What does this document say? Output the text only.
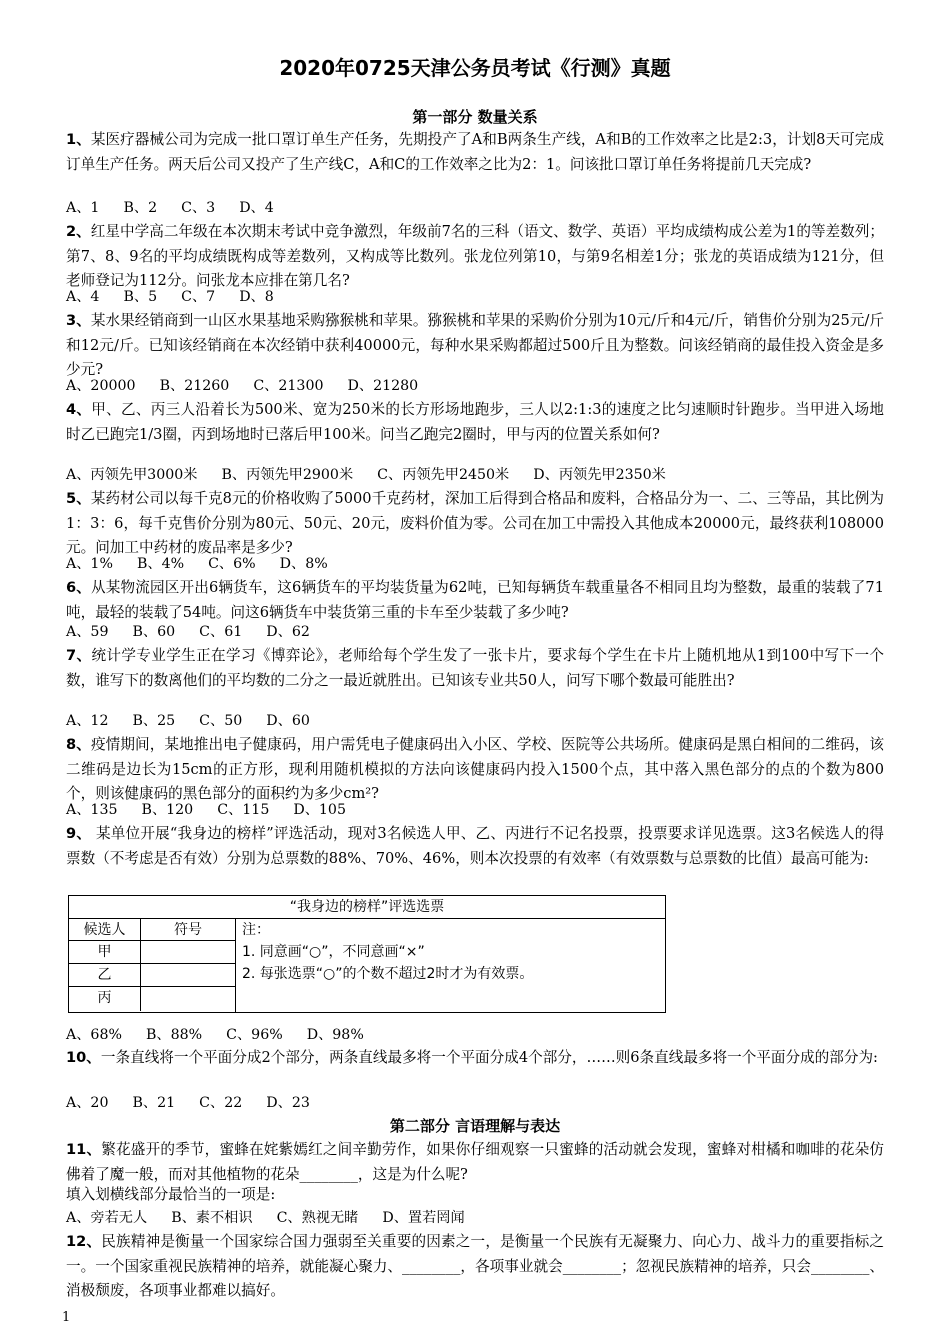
2020年0725天津公务员考试《行测》真题
第一部分 数量关系
1、某医疗器械公司为完成一批口罩订单生产任务，先期投产了A和B两条生产线，A和B的工作效率之比是2:3，计划8天可完成订单生产任务。两天后公司又投产了生产线C，A和C的工作效率之比为2：1。问该批口罩订单任务将提前几天完成?
A、1 B、2 C、3 D、4
2、红星中学高二年级在本次期末考试中竞争激烈，年级前7名的三科（语文、数学、英语）平均成绩构成公差为1的等差数列；第7、8、9名的平均成绩既构成等差数列，又构成等比数列。张龙位列第10，与第9名相差1分；张龙的英语成绩为121分，但老师登记为112分。问张龙本应排在第几名?
A、4 B、5 C、7 D、8
3、某水果经销商到一山区水果基地采购猕猴桃和苹果。猕猴桃和苹果的采购价分别为10元/斤和4元/斤，销售价分别为25元/斤和12元/斤。已知该经销商在本次经销中获利40000元，每种水果采购都超过500斤且为整数。问该经销商的最佳投入资金是多少元?
A、20000 B、21260 C、21300 D、21280
4、甲、乙、丙三人沿着长为500米、宽为250米的长方形场地跑步，三人以2:1:3的速度之比匀速顺时针跑步。当甲进入场地时乙已跑完1/3圈，丙到场地时已落后甲100米。问当乙跑完2圈时，甲与丙的位置关系如何?
A、丙领先甲3000米 B、丙领先甲2900米 C、丙领先甲2450米 D、丙领先甲2350米
5、某药材公司以每千克8元的价格收购了5000千克药材，深加工后得到合格品和废料，合格品分为一、二、三等品，其比例为1：3：6，每千克售价分别为80元、50元、20元，废料价值为零。公司在加工中需投入其他成本20000元，最终获利108000元。问加工中药材的废品率是多少?
A、1% B、4% C、6% D、8%
6、从某物流园区开出6辆货车，这6辆货车的平均装货量为62吨，已知每辆货车载重量各不相同且均为整数，最重的装载了71吨，最轻的装载了54吨。问这6辆货车中装货第三重的卡车至少装载了多少吨?
A、59 B、60 C、61 D、62
7、统计学专业学生正在学习《博弈论》，老师给每个学生发了一张卡片，要求每个学生在卡片上随机地从1到100中写下一个数，谁写下的数离他们的平均数的二分之一最近就胜出。已知该专业共50人，问写下哪个数最可能胜出?
A、12 B、25 C、50 D、60
8、疫情期间，某地推出电子健康码，用户需凭电子健康码出入小区、学校、医院等公共场所。健康码是黑白相间的二维码，该二维码是边长为15cm的正方形，现利用随机模拟的方法向该健康码内投入1500个点，其中落入黑色部分的点的个数为800个，则该健康码的黑色部分的面积约为多少cm²?
A、135 B、120 C、115 D、105
9、 某单位开展“我身边的榜样”评选活动，现对3名候选人甲、乙、丙进行不记名投票，投票要求详见选票。这3名候选人的得票数（不考虑是否有效）分别为总票数的88%、70%、46%，则本次投票的有效率（有效票数与总票数的比值）最高可能为:
“我身边的榜样”评选选票
候选人	符号
甲
乙
丙
注：
1. 同意画“○”，不同意画“×”
2. 每张选票“○”的个数不超过2时才为有效票。
A、68% B、88% C、96% D、98%
10、一条直线将一个平面分成2个部分，两条直线最多将一个平面分成4个部分，……则6条直线最多将一个平面分成的部分为:
A、20 B、21 C、22 D、23
第二部分 言语理解与表达
11、繁花盛开的季节，蜜蜂在姹紫嫣红之间辛勤劳作，如果你仔细观察一只蜜蜂的活动就会发现，蜜蜂对柑橘和咖啡的花朵仿佛着了魔一般，而对其他植物的花朵________，这是为什么呢?
填入划横线部分最恰当的一项是:
A、旁若无人 B、素不相识 C、熟视无睹 D、置若罔闻
12、民族精神是衡量一个国家综合国力强弱至关重要的因素之一，是衡量一个民族有无凝聚力、向心力、战斗力的重要指标之一。一个国家重视民族精神的培养，就能凝心聚力、________，各项事业就会________；忽视民族精神的培养，只会________、消极颓废，各项事业都难以搞好。
1
